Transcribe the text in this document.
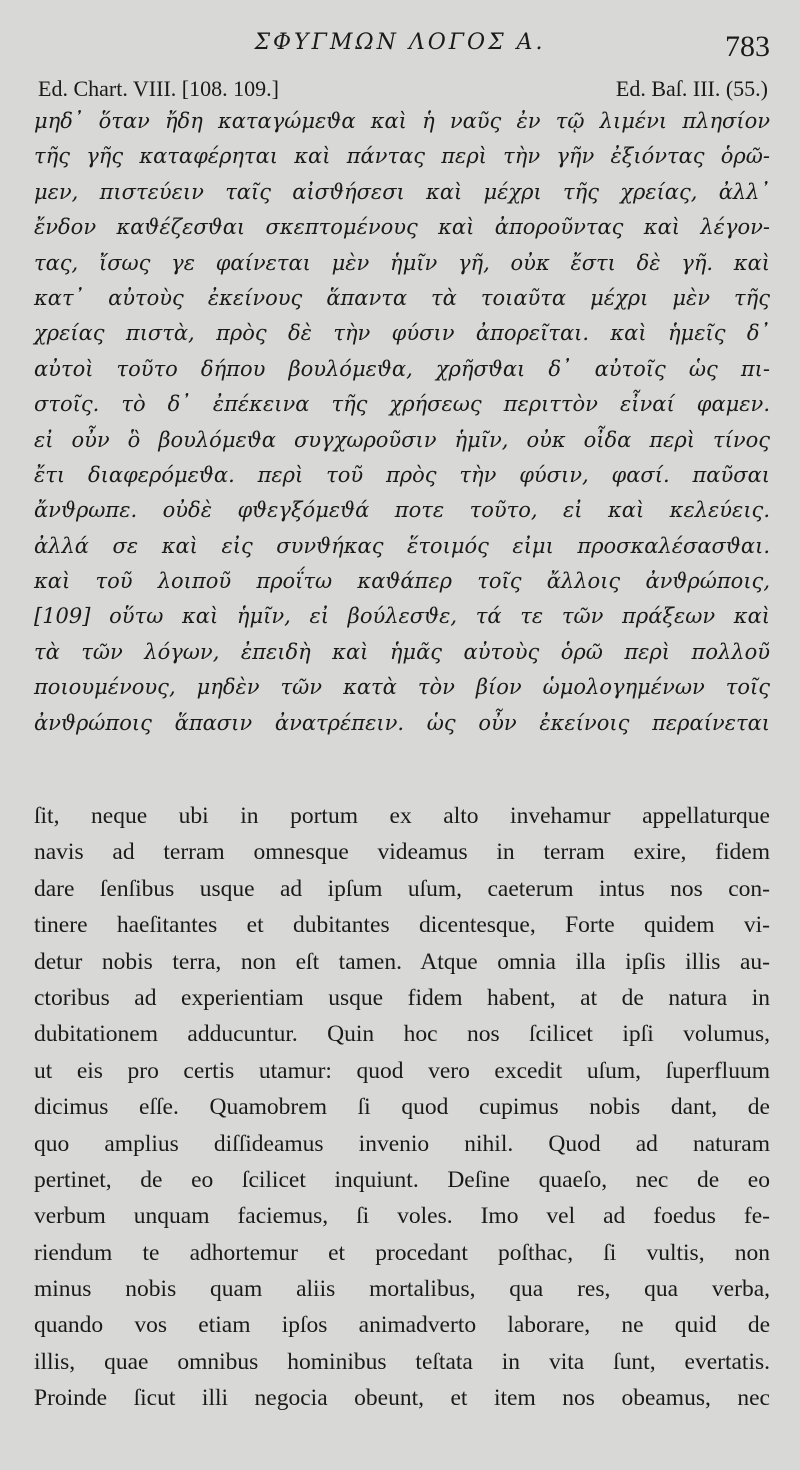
ΣΦΥΓΜΩΝ ΛΟΓΟΣ Α.	783
Ed. Chart. VIII. [108. 109.]	Ed. Baſ. III. (55.)
μηδ᾽ ὅταν ἤδη καταγώμεϑα καὶ ἡ ναῦς ἐν τῷ λιμένι πλησίον
τῆς γῆς καταφέρηται καὶ πάντας περὶ τὴν γῆν ἐξιόντας ὁρῶ-
μεν, πιστεύειν ταῖς αἰσϑήσεσι καὶ μέχρι τῆς χρείας, ἀλλ᾽
ἔνδον καϑέζεσϑαι σκεπτομένους καὶ ἀποροῦντας καὶ λέγον-
τας, ἴσως γε φαίνεται μὲν ἡμῖν γῆ, οὐκ ἔστι δὲ γῆ. καὶ
κατ᾽ αὐτοὺς ἐκείνους ἅπαντα τὰ τοιαῦτα μέχρι μὲν τῆς
χρείας πιστὰ, πρὸς δὲ τὴν φύσιν ἀπορεῖται. καὶ ἡμεῖς δ᾽
αὐτοὶ τοῦτο δήπου βουλόμεϑα, χρῆσϑαι δ᾽ αὐτοῖς ὡς πι-
στοῖς. τὸ δ᾽ ἐπέκεινα τῆς χρήσεως περιττὸν εἶναί φαμεν.
εἰ οὖν ὃ βουλόμεϑα συγχωροῦσιν ἡμῖν, οὐκ οἶδα περὶ τίνος
ἔτι διαφερόμεϑα. περὶ τοῦ πρὸς τὴν φύσιν, φασί. παῦσαι
ἄνϑρωπε. οὐδὲ φϑεγξόμεϑά ποτε τοῦτο, εἰ καὶ κελεύεις.
ἀλλά σε καὶ εἰς συνϑήκας ἕτοιμός εἰμι προσκαλέσασϑαι.
καὶ τοῦ λοιποῦ προΐτω καϑάπερ τοῖς ἄλλοις ἀνϑρώποις,
[109] οὕτω καὶ ἡμῖν, εἰ βούλεσϑε, τά τε τῶν πράξεων καὶ
τὰ τῶν λόγων, ἐπειδὴ καὶ ἡμᾶς αὐτοὺς ὁρῶ περὶ πολλοῦ
ποιουμένους, μηδὲν τῶν κατὰ τὸν βίον ὡμολογημένων τοῖς
ἀνϑρώποις ἅπασιν ἀνατρέπειν. ὡς οὖν ἐκείνοις περαίνεται
ſit, neque ubi in portum ex alto invehamur appellaturque
navis ad terram omnesque videamus in terram exire, fidem
dare ſenſibus usque ad ipſum uſum, caeterum intus nos con-
tinere haeſitantes et dubitantes dicentesque, Forte quidem vi-
detur nobis terra, non eſt tamen. Atque omnia illa ipſis illis au-
ctoribus ad experientiam usque fidem habent, at de natura in
dubitationem adducuntur. Quin hoc nos ſcilicet ipſi volumus,
ut eis pro certis utamur: quod vero excedit uſum, ſuperfluum
dicimus eſſe. Quamobrem ſi quod cupimus nobis dant, de
quo amplius diſſideamus invenio nihil. Quod ad naturam
pertinet, de eo ſcilicet inquiunt. Deſine quaeſo, nec de eo
verbum unquam faciemus, ſi voles. Imo vel ad foedus fe-
riendum te adhortemur et procedant poſthac, ſi vultis, non
minus nobis quam aliis mortalibus, qua res, qua verba,
quando vos etiam ipſos animadverto laborare, ne quid de
illis, quae omnibus hominibus teſtata in vita ſunt, evertatis.
Proinde ſicut illi negocia obeunt, et item nos obeamus, nec
